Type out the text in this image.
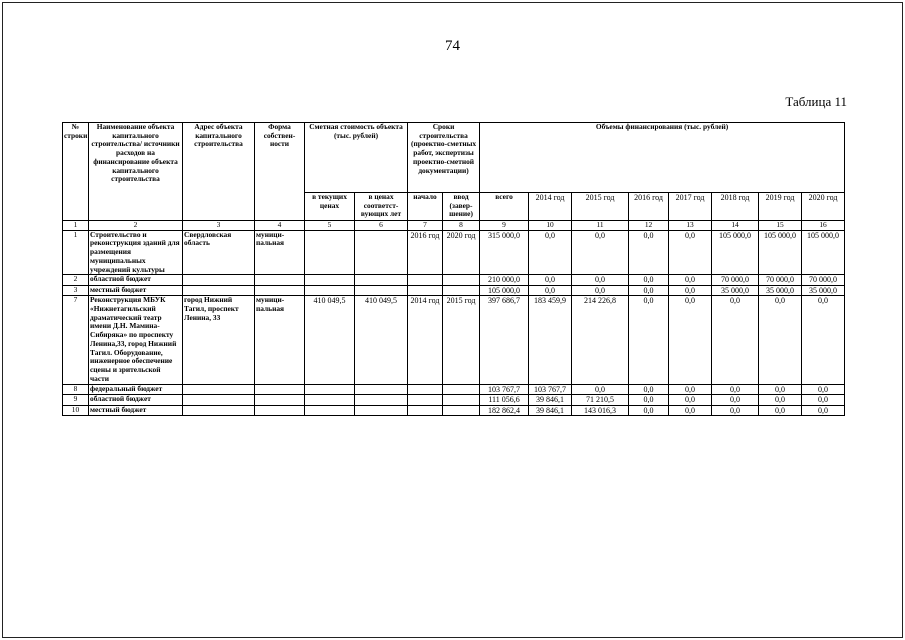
74
Таблица 11
№ строки	Наименование объекта капитального строительства/ источники расходов на финансирование объекта капитального строительства	Адрес объекта капитального строительства	Форма собствен-ности	Сметная стоимость объекта (тыс. рублей)		Сроки строительства (проектно-сметных работ, экспертизы проектно-сметной документации)		Объемы финансирования (тыс. рублей)							
				в текущих ценах	в ценах соответст-вующих лет	начало	ввод (завер-шение)	всего	2014 год	2015 год	2016 год	2017 год	2018 год	2019 год	2020 год
1	2	3	4	5	6	7	8	9	10	11	12	13	14	15	16
1	Строительство и реконструкция зданий для размещения муниципальных учреждений культуры	Свердловская область	муници-пальная			2016 год	2020 год	315 000,0	0,0	0,0	0,0	0,0	105 000,0	105 000,0	105 000,0
2	областной бюджет							210 000,0	0,0	0,0	0,0	0,0	70 000,0	70 000,0	70 000,0
3	местный бюджет							105 000,0	0,0	0,0	0,0	0,0	35 000,0	35 000,0	35 000,0
7	Реконструкция МБУК «Нижнетагильский драматический театр имени Д.Н. Мамина-Сибиряка» по проспекту Ленина,33, город Нижний Тагил. Оборудование, инженерное обеспечение сцены и зрительской части	город Нижний Тагил, проспект Ленина, 33	муници-пальная	410 049,5	410 049,5	2014 год	2015 год	397 686,7	183 459,9	214 226,8	0,0	0,0	0,0	0,0	0,0
8	федеральный бюджет							103 767,7	103 767,7	0,0	0,0	0,0	0,0	0,0	0,0
9	областной бюджет							111 056,6	39 846,1	71 210,5	0,0	0,0	0,0	0,0	0,0
10	местный бюджет							182 862,4	39 846,1	143 016,3	0,0	0,0	0,0	0,0	0,0
